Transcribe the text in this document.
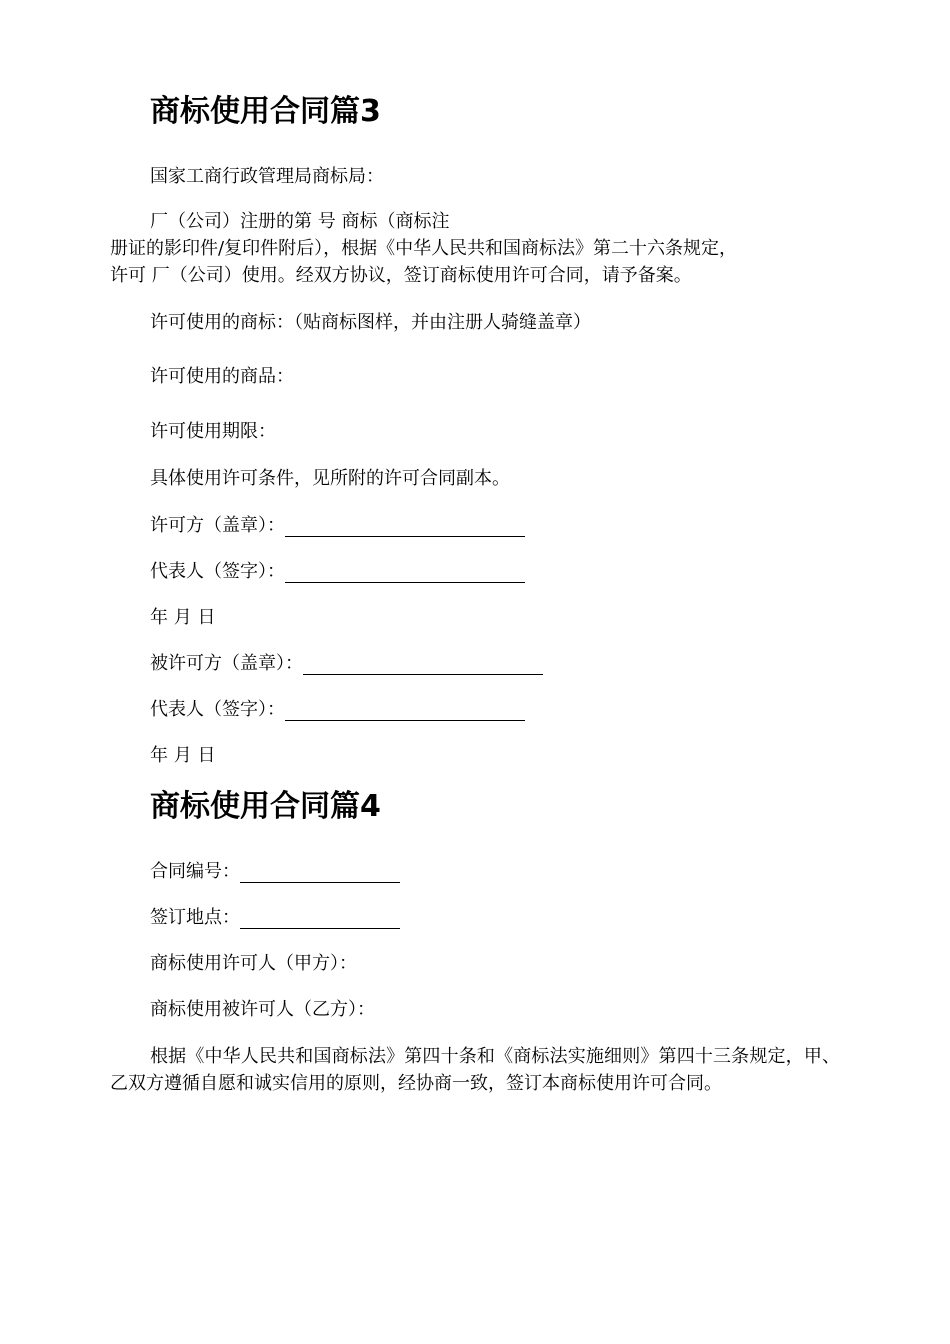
商标使用合同篇3
国家工商行政管理局商标局：
厂（公司）注册的第 号 商标（商标注
册证的影印件/复印件附后），根据《中华人民共和国商标法》第二十六条规定，
许可 厂（公司）使用。经双方协议，签订商标使用许可合同，请予备案。
许可使用的商标：（贴商标图样，并由注册人骑缝盖章）
许可使用的商品：
许可使用期限：
具体使用许可条件，见所附的许可合同副本。
许可方（盖章）：
代表人（签字）：
年 月 日
被许可方（盖章）：
代表人（签字）：
年 月 日
商标使用合同篇4
合同编号：
签订地点：
商标使用许可人（甲方）：
商标使用被许可人（乙方）：
根据《中华人民共和国商标法》第四十条和《商标法实施细则》第四十三条规定，甲、乙双方遵循自愿和诚实信用的原则，经协商一致，签订本商标使用许可合同。
